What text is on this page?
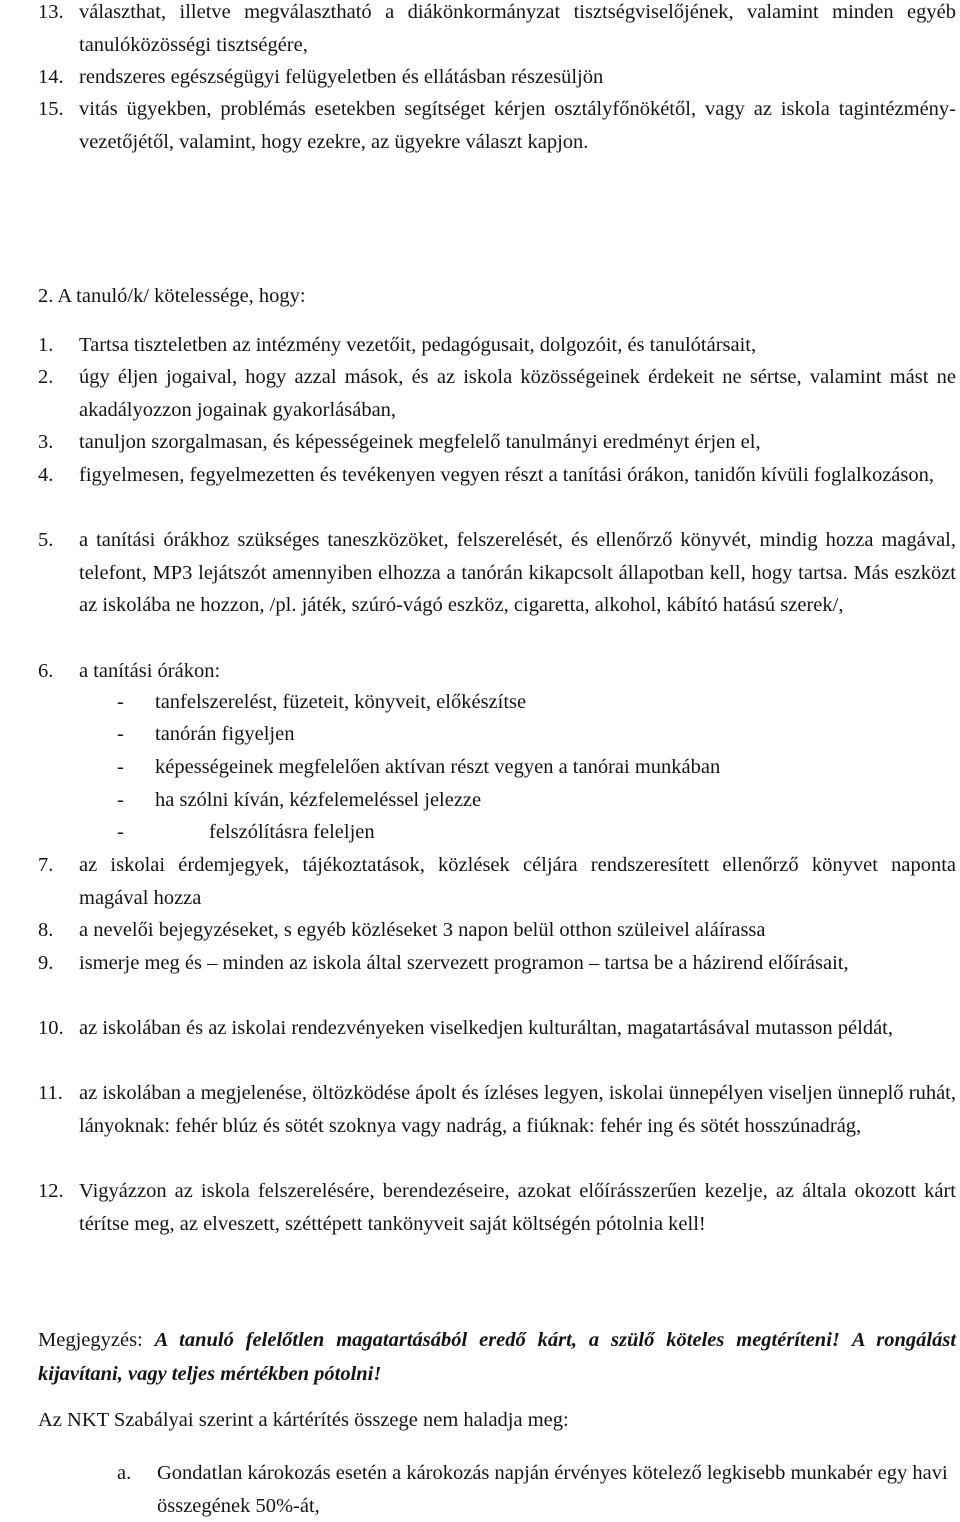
13. választhat, illetve megválasztható a diákönkormányzat tisztségviselőjének, valamint minden egyéb tanulóközösségi tisztségére,
14. rendszeres egészségügyi felügyeletben és ellátásban részesüljön
15. vitás ügyekben, problémás esetekben segítséget kérjen osztályfőnökétől, vagy az iskola tagintézmény-vezetőjétől, valamint, hogy ezekre, az ügyekre választ kapjon.
2. A tanuló/k/ kötelessége, hogy:
1. Tartsa tiszteletben az intézmény vezetőit, pedagógusait, dolgozóit, és tanulótársait,
2. úgy éljen jogaival, hogy azzal mások, és az iskola közösségeinek érdekeit ne sértse, valamint mást ne akadályozzon jogainak gyakorlásában,
3. tanuljon szorgalmasan, és képességeinek megfelelő tanulmányi eredményt érjen el,
4. figyelmesen, fegyelmezetten és tevékenyen vegyen részt a tanítási órákon, tanidőn kívüli foglalkozáson,
5. a tanítási órákhoz szükséges taneszközöket, felszerelését, és ellenőrző könyvét, mindig hozza magával, telefont, MP3 lejátszót amennyiben elhozza a tanórán kikapcsolt állapotban kell, hogy tartsa. Más eszközt az iskolába ne hozzon, /pl. játék, szúró-vágó eszköz, cigaretta, alkohol, kábító hatású szerek/,
6. a tanítási órákon:
- tanfelszerelést, füzeteit, könyveit, előkészítse
- tanórán figyeljen
- képességeinek megfelelően aktívan részt vegyen a tanórai munkában
- ha szólni kíván, kézfelemeléssel jelezze
-	felszólításra feleljen
7. az iskolai érdemjegyek, tájékoztatások, közlések céljára rendszeresített ellenőrző könyvet naponta magával hozza
8. a nevelői bejegyzéseket, s egyéb közléseket 3 napon belül otthon szüleivel aláírassa
9. ismerje meg és – minden az iskola által szervezett programon – tartsa be a házirend előírásait,
10. az iskolában és az iskolai rendezvényeken viselkedjen kulturáltan, magatartásával mutasson példát,
11. az iskolában a megjelenése, öltözködése ápolt és ízléses legyen, iskolai ünnepélyen viseljen ünneplő ruhát, lányoknak: fehér blúz és sötét szoknya vagy nadrág, a fiúknak: fehér ing és sötét hosszúnadrág,
12. Vigyázzon az iskola felszerelésére, berendezéseire, azokat előírásszerűen kezelje, az általa okozott kárt térítse meg, az elveszett, széttépett tankönyveit saját költségén pótolnia kell!
Megjegyzés: A tanuló felelőtlen magatartásából eredő kárt, a szülő köteles megtéríteni! A rongálást kijavítani, vagy teljes mértékben pótolni!
Az NKT Szabályai szerint a kártérítés összege nem haladja meg:
a. Gondatlan károkozás esetén a károkozás napján érvényes kötelező legkisebb munkabér egy havi összegének 50%-át,
